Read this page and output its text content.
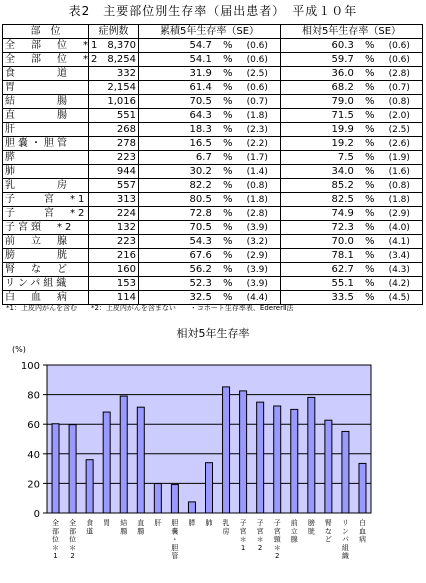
表2　主要部位別生存率（届出患者）　平成１０年
部　位	症例数	累積5年生存率（SE）		相対5年生存率（SE）	
全　部　位　*1	8,370	54.7 %	(0.6)	60.3 %	(0.6)
全　部　位　*2	8,254	54.1 %	(0.6)	59.7 %	(0.6)
食　　　道	332	31.9 %	(2.5)	36.0 %	(2.8)
胃	2,154	61.4 %	(0.6)	68.2 %	(0.7)
結　　　腸	1,016	70.5 %	(0.7)	79.0 %	(0.8)
直　　　腸	551	64.3 %	(1.8)	71.5 %	(2.0)
肝	268	18.3 %	(2.3)	19.9 %	(2.5)
胆嚢・胆管	278	16.5 %	(2.2)	19.2 %	(2.6)
膵	223	6.7 %	(1.7)	7.5 %	(1.9)
肺	944	30.2 %	(1.4)	34.0 %	(1.6)
乳　　　房	557	82.2 %	(0.8)	85.2 %	(0.8)
子　　宮　*1	313	80.5 %	(1.8)	82.5 %	(1.8)
子　　宮　*2	224	72.8 %	(2.8)	74.9 %	(2.9)
子宮頸　*2	132	70.5 %	(3.9)	72.3 %	(4.0)
前　立　腺	223	54.3 %	(3.2)	70.0 %	(4.1)
膀　　　胱	216	67.6 %	(2.9)	78.1 %	(3.4)
腎　な　ど	160	56.2 %	(3.9)	62.7 %	(4.3)
リンパ組織	153	52.3 %	(3.9)	55.1 %	(4.2)
白　血　病	114	32.5 %	(4.4)	33.5 %	(4.5)
*1：上皮内がんを含む　　*2：上皮内がんを含まない　　・コホート生存率表、EdererⅡ法
相対5年生存率
(%)
0
20
40
60
80
100
全部位＊ 1
全部位＊ 2
食道
胃 結腸
直腸
肝 胆嚢・胆管
膵 肺 乳房
子宮＊ 1
子宮＊ 2
子宮頸＊ 2
前立腺
膀胱
腎など
リンパ組織
白血病
